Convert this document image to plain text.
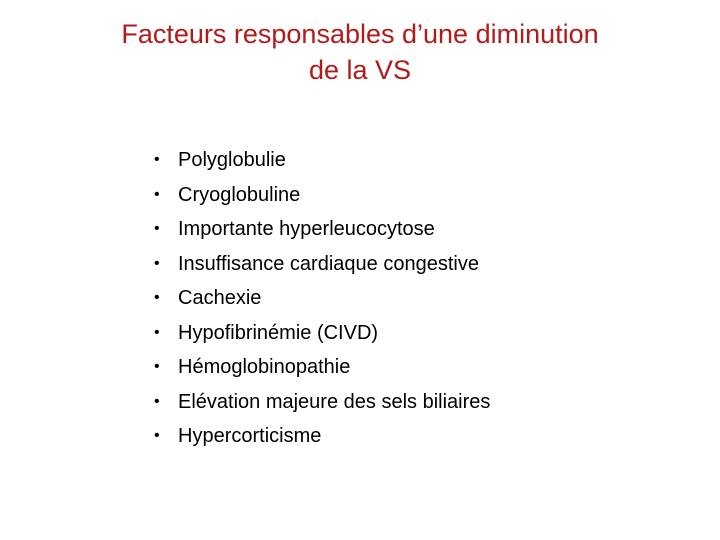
Facteurs responsables d’une diminution
de la VS
• Polyglobulie
• Cryoglobuline
• Importante hyperleucocytose
• Insuffisance cardiaque congestive
• Cachexie
• Hypofibrinémie (CIVD)
• Hémoglobinopathie
• Elévation majeure des sels biliaires
• Hypercorticisme
